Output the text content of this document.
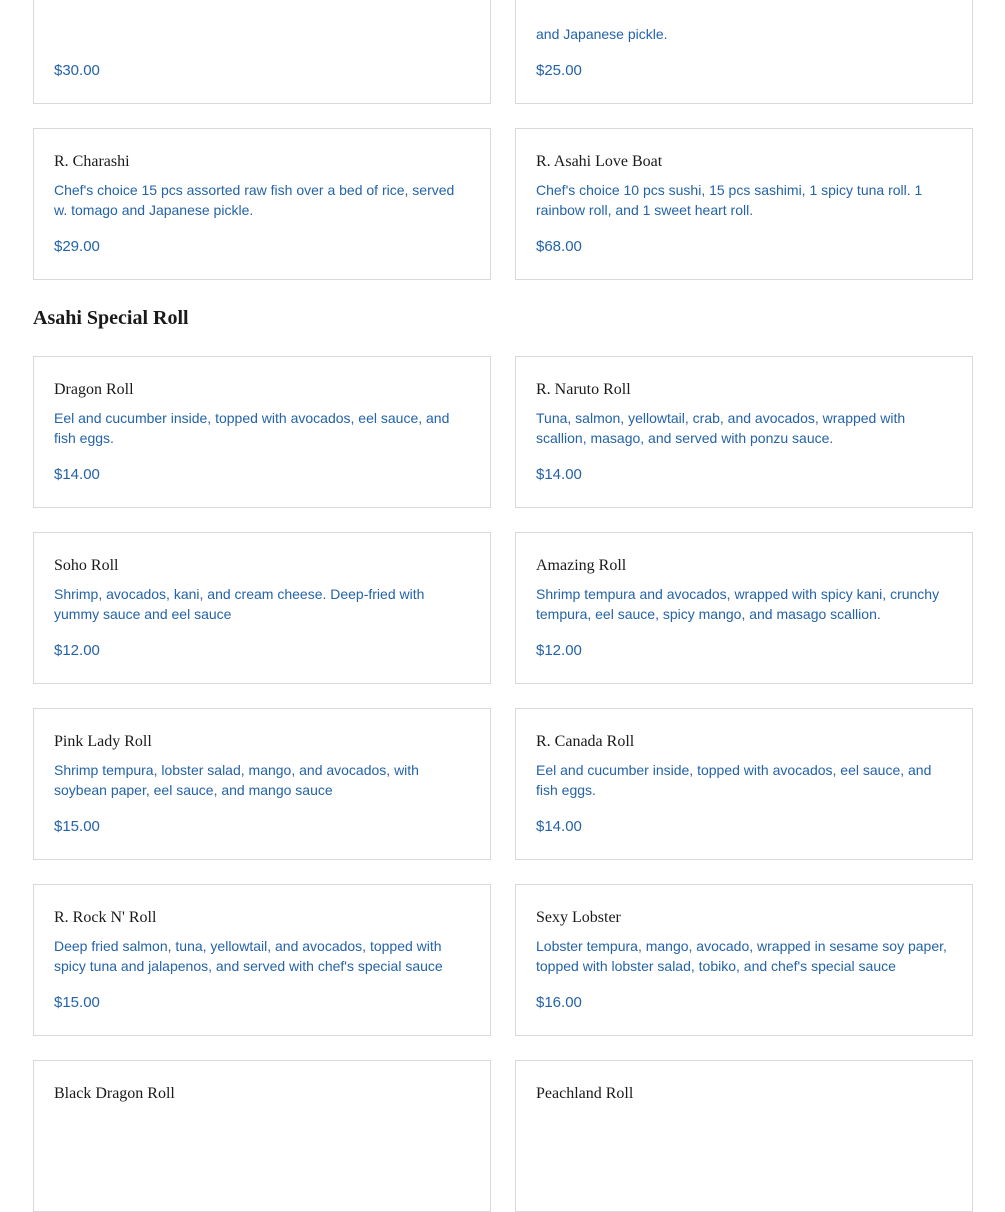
$30.00
and Japanese pickle.
$25.00
R. Charashi
Chef's choice 15 pcs assorted raw fish over a bed of rice, served w. tomago and Japanese pickle.
$29.00
R. Asahi Love Boat
Chef's choice 10 pcs sushi, 15 pcs sashimi, 1 spicy tuna roll. 1 rainbow roll, and 1 sweet heart roll.
$68.00
Asahi Special Roll
Dragon Roll
Eel and cucumber inside, topped with avocados, eel sauce, and fish eggs.
$14.00
R. Naruto Roll
Tuna, salmon, yellowtail, crab, and avocados, wrapped with scallion, masago, and served with ponzu sauce.
$14.00
Soho Roll
Shrimp, avocados, kani, and cream cheese. Deep-fried with yummy sauce and eel sauce
$12.00
Amazing Roll
Shrimp tempura and avocados, wrapped with spicy kani, crunchy tempura, eel sauce, spicy mango, and masago scallion.
$12.00
Pink Lady Roll
Shrimp tempura, lobster salad, mango, and avocados, with soybean paper, eel sauce, and mango sauce
$15.00
R. Canada Roll
Eel and cucumber inside, topped with avocados, eel sauce, and fish eggs.
$14.00
R. Rock N' Roll
Deep fried salmon, tuna, yellowtail, and avocados, topped with spicy tuna and jalapenos, and served with chef's special sauce
$15.00
Sexy Lobster
Lobster tempura, mango, avocado, wrapped in sesame soy paper, topped with lobster salad, tobiko, and chef's special sauce
$16.00
Black Dragon Roll	Peachland Roll
